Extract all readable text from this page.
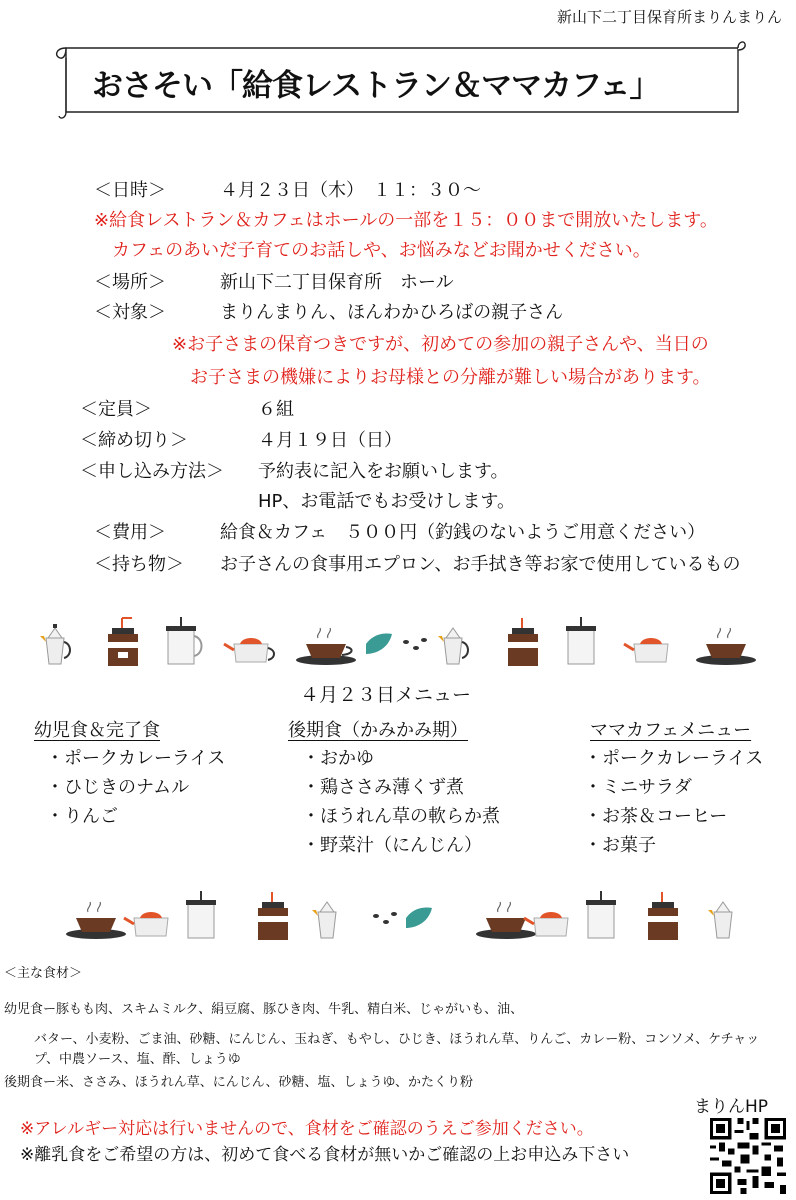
新山下二丁目保育所まりんまりん
おさそい「給食レストラン＆ママカフェ」
＜日時＞	４月２３日（木）　１１：３０～
※給食レストラン＆カフェはホールの一部を１５：００まで開放いたします。
カフェのあいだ子育てのお話しや、お悩みなどお聞かせください。
＜場所＞	新山下二丁目保育所　ホール
＜対象＞	まりんまりん、ほんわかひろばの親子さん
※お子さまの保育つきですが、初めての参加の親子さんや、当日の
お子さまの機嫌によりお母様との分離が難しい場合があります。
＜定員＞	６組
＜締め切り＞	４月１９日（日）
＜申し込み方法＞ 予約表に記入をお願いします。
HP、お電話でもお受けします。
＜費用＞	給食＆カフェ　５００円（釣銭のないようご用意ください）
＜持ち物＞ お子さんの食事用エプロン、お手拭き等お家で使用しているもの
４月２３日メニュー
幼児食＆完了食
・ポークカレーライス
・ひじきのナムル
・りんご
後期食（かみかみ期）
・おかゆ
・鶏ささみ薄くず煮
・ほうれん草の軟らか煮
・野菜汁（にんじん）
ママカフェメニュー
・ポークカレーライス
・ミニサラダ
・お茶＆コーヒー
・お菓子
＜主な食材＞
幼児食ー豚もも肉、スキムミルク、絹豆腐、豚ひき肉、牛乳、精白米、じゃがいも、油、
バター、小麦粉、ごま油、砂糖、にんじん、玉ねぎ、もやし、ひじき、ほうれん草、りんご、カレー粉、コンソメ、ケチャッ
プ、中農ソース、塩、酢、しょうゆ
後期食ー米、ささみ、ほうれん草、にんじん、砂糖、塩、しょうゆ、かたくり粉
まりんHP
※アレルギー対応は行いませんので、食材をご確認のうえご参加ください。
※離乳食をご希望の方は、初めて食べる食材が無いかご確認の上お申込み下さい
